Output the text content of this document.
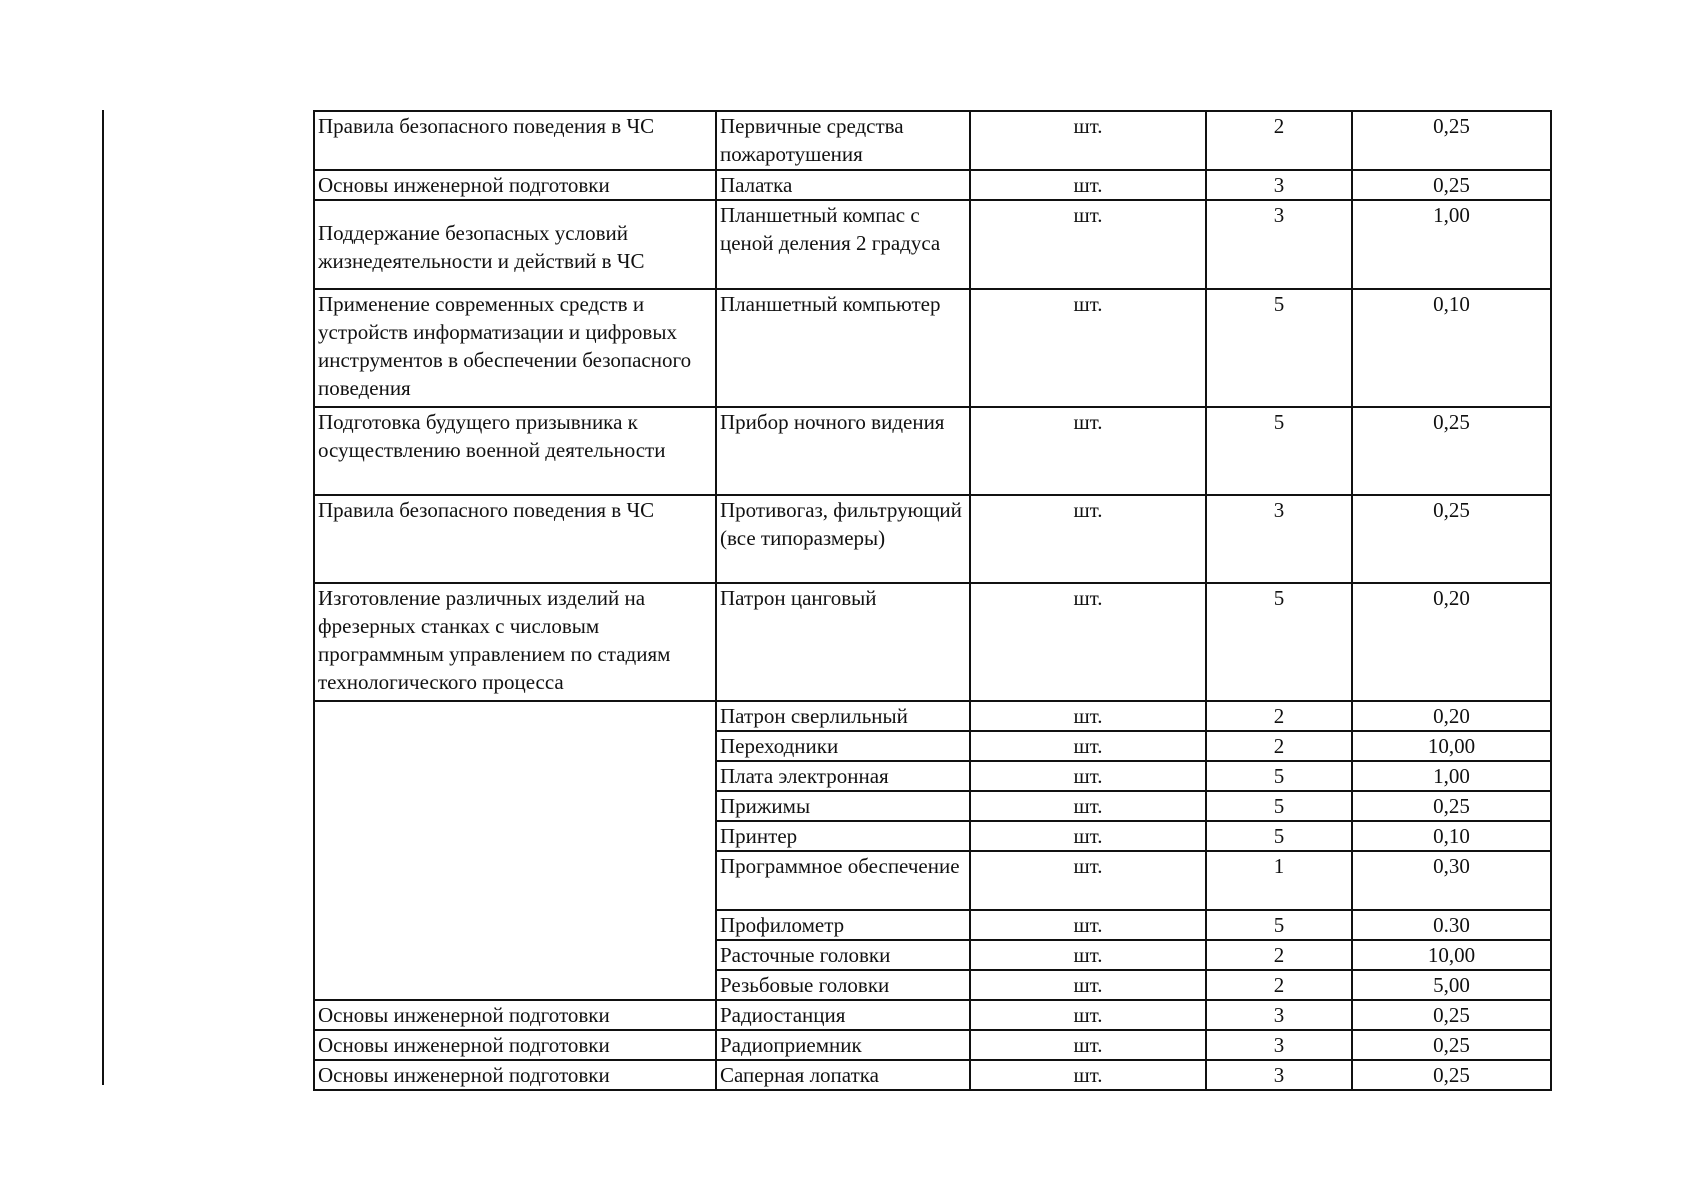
Правила безопасного поведения в ЧС	Первичные средства пожаротушения	шт.	2	0,25
Основы инженерной подготовки	Палатка	шт.	3	0,25
Поддержание безопасных условий жизнедеятельности и действий в ЧС	Планшетный компас с ценой деления 2 градуса	шт.	3	1,00
Применение современных средств и устройств информатизации и цифровых инструментов в обеспечении безопасного поведения	Планшетный компьютер	шт.	5	0,10
Подготовка будущего призывника к осуществлению военной деятельности	Прибор ночного видения	шт.	5	0,25
Правила безопасного поведения в ЧС	Противогаз, фильтрующий (все типоразмеры)	шт.	3	0,25
Изготовление различных изделий на фрезерных станках с числовым программным управлением по стадиям технологического процесса	Патрон цанговый	шт.	5	0,20
	Патрон сверлильный	шт.	2	0,20
	Переходники	шт.	2	10,00
	Плата электронная	шт.	5	1,00
	Прижимы	шт.	5	0,25
	Принтер	шт.	5	0,10
	Программное обеспечение	шт.	1	0,30
	Профилометр	шт.	5	0.30
	Расточные головки	шт.	2	10,00
	Резьбовые головки	шт.	2	5,00
Основы инженерной подготовки	Радиостанция	шт.	3	0,25
Основы инженерной подготовки	Радиоприемник	шт.	3	0,25
Основы инженерной подготовки	Саперная лопатка	шт.	3	0,25
